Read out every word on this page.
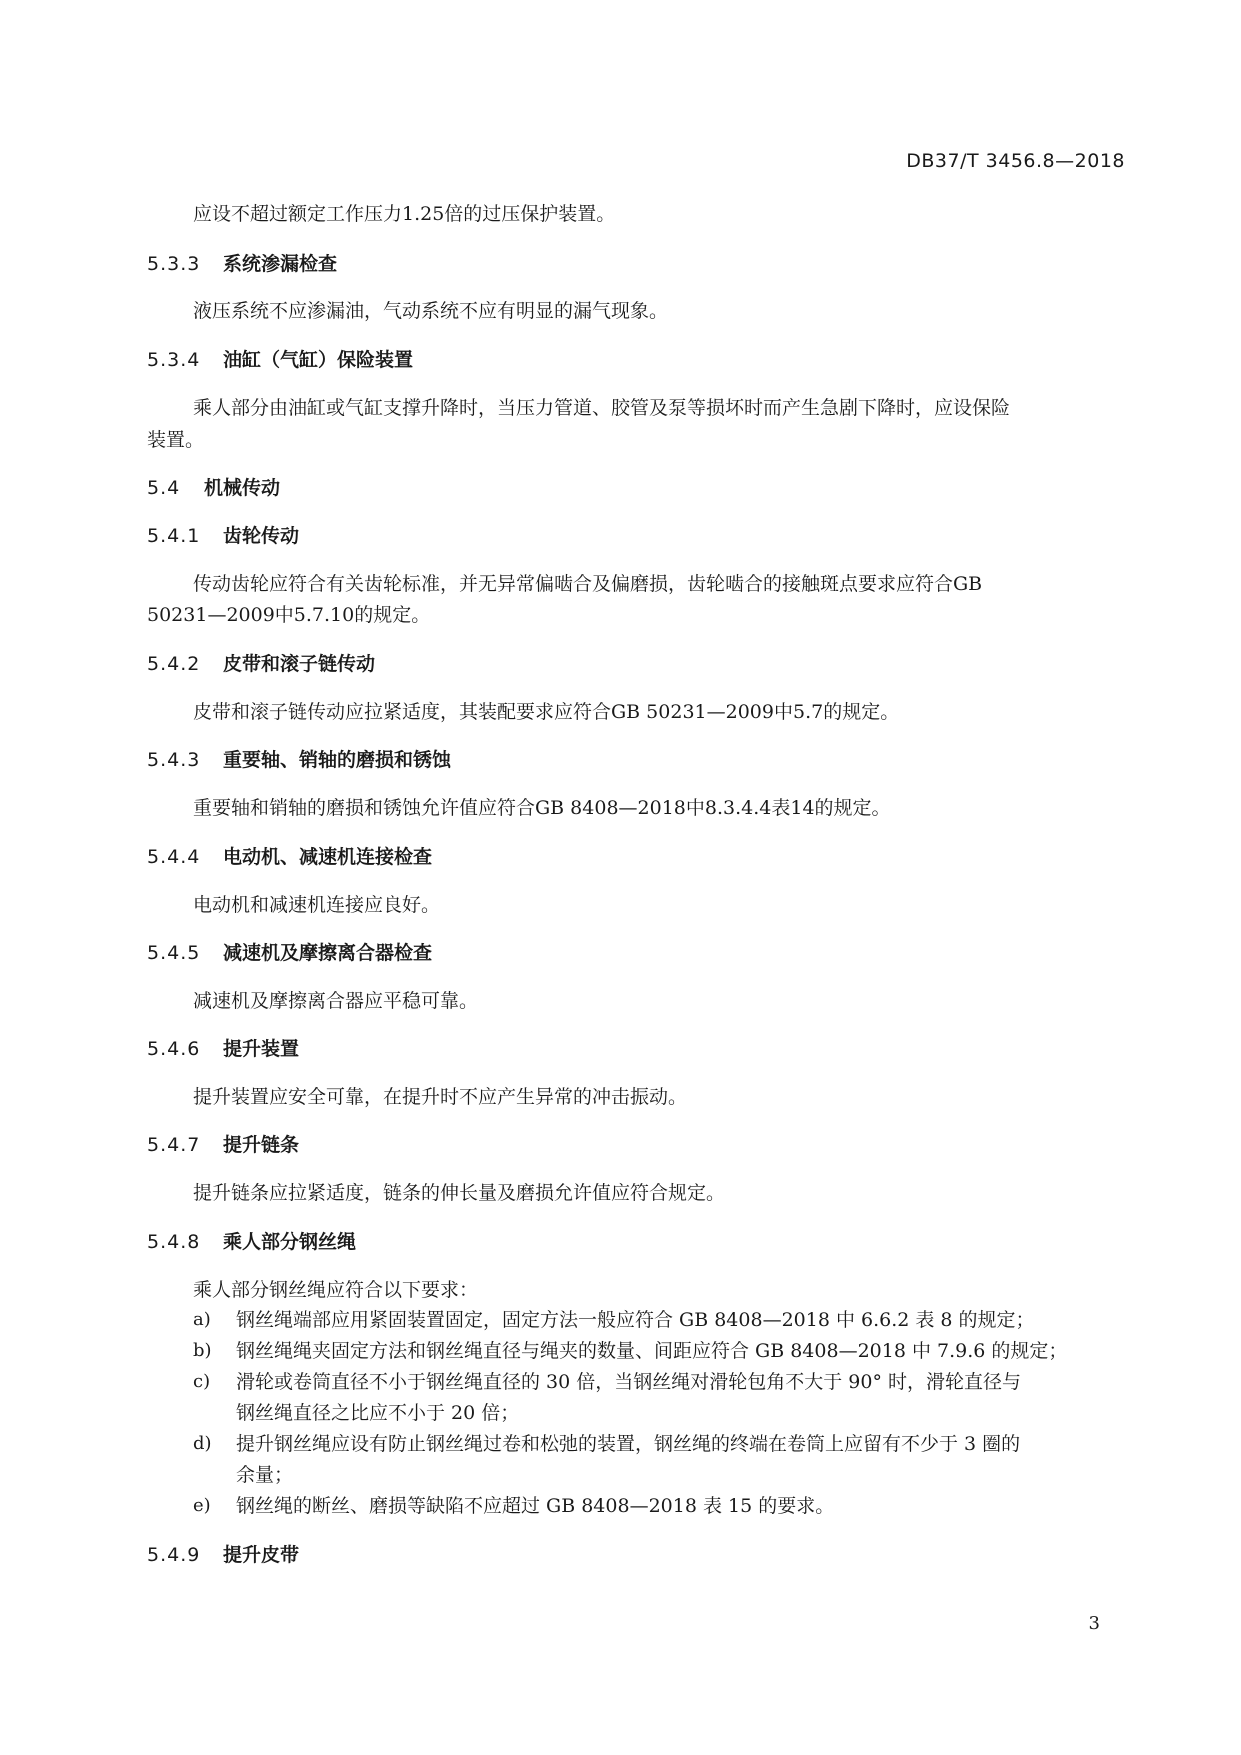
DB37/T 3456.8—2018
应设不超过额定工作压力1.25倍的过压保护装置。
5.3.3 系统渗漏检查
液压系统不应渗漏油，气动系统不应有明显的漏气现象。
5.3.4 油缸（气缸）保险装置
乘人部分由油缸或气缸支撑升降时，当压力管道、胶管及泵等损坏时而产生急剧下降时，应设保险
装置。
5.4 机械传动
5.4.1 齿轮传动
传动齿轮应符合有关齿轮标准，并无异常偏啮合及偏磨损，齿轮啮合的接触斑点要求应符合GB
50231—2009中5.7.10的规定。
5.4.2 皮带和滚子链传动
皮带和滚子链传动应拉紧适度，其装配要求应符合GB 50231—2009中5.7的规定。
5.4.3 重要轴、销轴的磨损和锈蚀
重要轴和销轴的磨损和锈蚀允许值应符合GB 8408—2018中8.3.4.4表14的规定。
5.4.4 电动机、减速机连接检查
电动机和减速机连接应良好。
5.4.5 减速机及摩擦离合器检查
减速机及摩擦离合器应平稳可靠。
5.4.6 提升装置
提升装置应安全可靠，在提升时不应产生异常的冲击振动。
5.4.7 提升链条
提升链条应拉紧适度，链条的伸长量及磨损允许值应符合规定。
5.4.8 乘人部分钢丝绳
乘人部分钢丝绳应符合以下要求：
a) 钢丝绳端部应用紧固装置固定，固定方法一般应符合 GB 8408—2018 中 6.6.2 表 8 的规定；
b) 钢丝绳绳夹固定方法和钢丝绳直径与绳夹的数量、间距应符合 GB 8408—2018 中 7.9.6 的规定；
c) 滑轮或卷筒直径不小于钢丝绳直径的 30 倍，当钢丝绳对滑轮包角不大于 90° 时，滑轮直径与
钢丝绳直径之比应不小于 20 倍；
d) 提升钢丝绳应设有防止钢丝绳过卷和松弛的装置，钢丝绳的终端在卷筒上应留有不少于 3 圈的
余量；
e) 钢丝绳的断丝、磨损等缺陷不应超过 GB 8408—2018 表 15 的要求。
5.4.9 提升皮带
3
